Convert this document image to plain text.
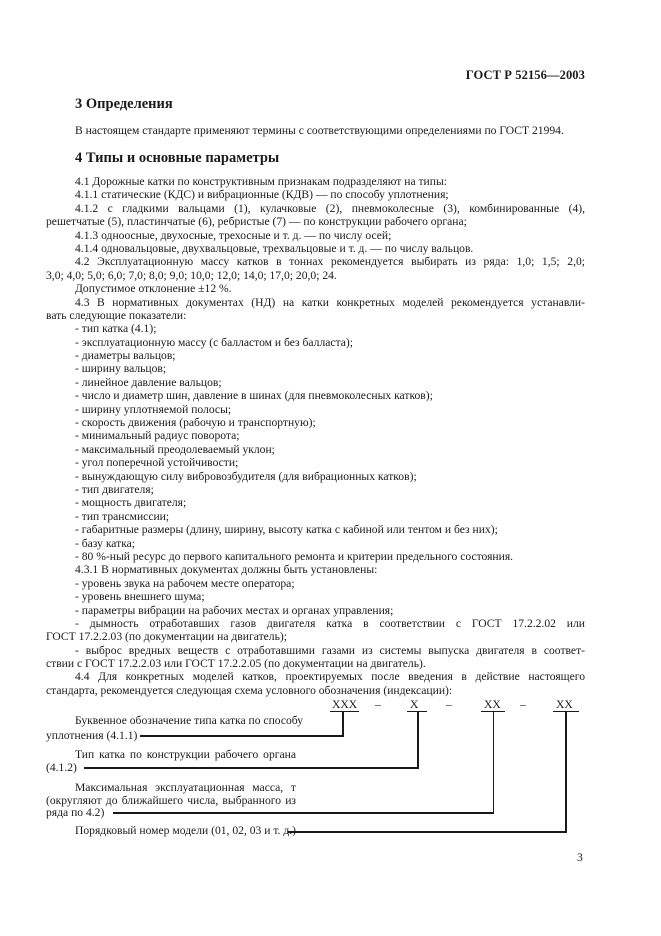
ГОСТ Р 52156—2003
3 Определения
В настоящем стандарте применяют термины с соответствующими определениями по ГОСТ 21994.
4 Типы и основные параметры
4.1 Дорожные катки по конструктивным признакам подразделяют на типы:
4.1.1 статические (КДС) и вибрационные (КДВ) — по способу уплотнения;
4.1.2 с гладкими вальцами (1), кулачковые (2), пневмоколесные (3), комбинированные (4),
решетчатые (5), пластинчатые (6), ребристые (7) — по конструкции рабочего органа;
4.1.3 одноосные, двухосные, трехосные и т. д. — по числу осей;
4.1.4 одновальцовые, двухвальцовые, трехвальцовые и т. д. — по числу вальцов.
4.2 Эксплуатационную массу катков в тоннах рекомендуется выбирать из ряда: 1,0; 1,5; 2,0;
3,0; 4,0; 5,0; 6,0; 7,0; 8,0; 9,0; 10,0; 12,0; 14,0; 17,0; 20,0; 24.
Допустимое отклонение ±12 %.
4.3 В нормативных документах (НД) на катки конкретных моделей рекомендуется устанавли-
вать следующие показатели:
- тип катка (4.1);
- эксплуатационную массу (с балластом и без балласта);
- диаметры вальцов;
- ширину вальцов;
- линейное давление вальцов;
- число и диаметр шин, давление в шинах (для пневмоколесных катков);
- ширину уплотняемой полосы;
- скорость движения (рабочую и транспортную);
- минимальный радиус поворота;
- максимальный преодолеваемый уклон;
- угол поперечной устойчивости;
- вынуждающую силу вибровозбудителя (для вибрационных катков);
- тип двигателя;
- мощность двигателя;
- тип трансмиссии;
- габаритные размеры (длину, ширину, высоту катка с кабиной или тентом и без них);
- базу катка;
- 80 %-ный ресурс до первого капитального ремонта и критерии предельного состояния.
4.3.1 В нормативных документах должны быть установлены:
- уровень звука на рабочем месте оператора;
- уровень внешнего шума;
- параметры вибрации на рабочих местах и органах управления;
- дымность отработавших газов двигателя катка в соответствии с ГОСТ 17.2.2.02 или
ГОСТ 17.2.2.03 (по документации на двигатель);
- выброс вредных веществ с отработавшими газами из системы выпуска двигателя в соответ-
ствии с ГОСТ 17.2.2.03 или ГОСТ 17.2.2.05 (по документации на двигатель).
4.4 Для конкретных моделей катков, проектируемых после введения в действие настоящего
стандарта, рекомендуется следующая схема условного обозначения (индексации):
XXX –	X –	XX –	XX
Буквенное обозначение типа катка по способу
уплотнения (4.1.1) ·
Тип катка по конструкции рабочего органа
(4.1.2)
Максимальная эксплуатационная масса, т
(округляют до ближайшего числа, выбранного из
ряда по 4.2)
Порядковый номер модели (01, 02, 03 и т. д.)
3
